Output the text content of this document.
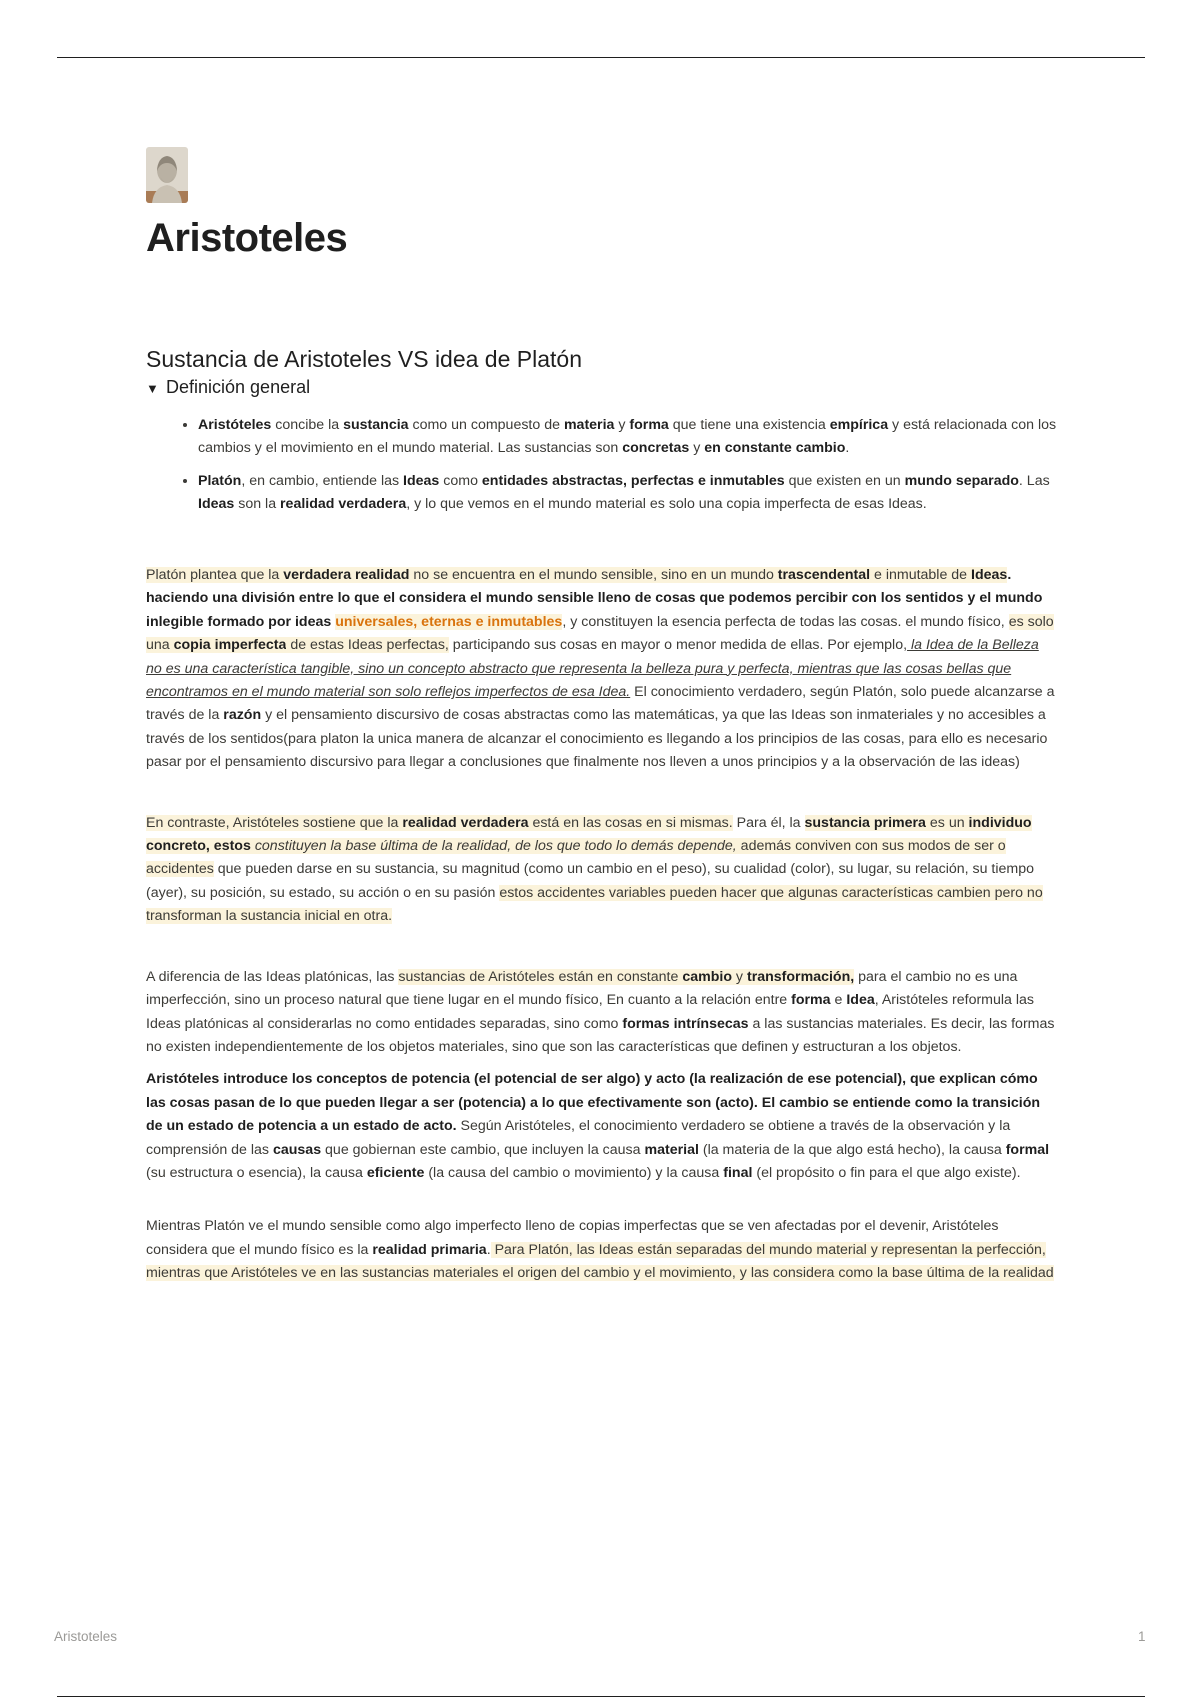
Aristoteles
Sustancia de Aristoteles VS idea de Platón
▼ Definición general
• Aristóteles concibe la sustancia como un compuesto de materia y forma que tiene una existencia empírica y está relacionada con los cambios y el movimiento en el mundo material. Las sustancias son concretas y en constante cambio.
• Platón, en cambio, entiende las Ideas como entidades abstractas, perfectas e inmutables que existen en un mundo separado. Las Ideas son la realidad verdadera, y lo que vemos en el mundo material es solo una copia imperfecta de esas Ideas.

Platón plantea que la verdadera realidad no se encuentra en el mundo sensible, sino en un mundo trascendental e inmutable de Ideas. haciendo una división entre lo que el considera el mundo sensible lleno de cosas que podemos percibir con los sentidos y el mundo inlegible formado por ideas universales, eternas e inmutables, y constituyen la esencia perfecta de todas las cosas. el mundo físico, es solo una copia imperfecta de estas Ideas perfectas, participando sus cosas en mayor o menor medida de ellas. Por ejemplo, la Idea de la Belleza no es una característica tangible, sino un concepto abstracto que representa la belleza pura y perfecta, mientras que las cosas bellas que encontramos en el mundo material son solo reflejos imperfectos de esa Idea. El conocimiento verdadero, según Platón, solo puede alcanzarse a través de la razón y el pensamiento discursivo de cosas abstractas como las matemáticas, ya que las Ideas son inmateriales y no accesibles a través de los sentidos(para platon la unica manera de alcanzar el conocimiento es llegando a los principios de las cosas, para ello es necesario pasar por el pensamiento discursivo para llegar a conclusiones que finalmente nos lleven a unos principios y a la observación de las ideas)

En contraste, Aristóteles sostiene que la realidad verdadera está en las cosas en si mismas. Para él, la sustancia primera es un individuo concreto, estos constituyen la base última de la realidad, de los que todo lo demás depende, además conviven con sus modos de ser o accidentes que pueden darse en su sustancia, su magnitud (como un cambio en el peso), su cualidad (color), su lugar, su relación, su tiempo (ayer), su posición, su estado, su acción o en su pasión estos accidentes variables pueden hacer que algunas características cambien pero no transforman la sustancia inicial en otra.

A diferencia de las Ideas platónicas, las sustancias de Aristóteles están en constante cambio y transformación, para el cambio no es una imperfección, sino un proceso natural que tiene lugar en el mundo físico, En cuanto a la relación entre forma e Idea, Aristóteles reformula las Ideas platónicas al considerarlas no como entidades separadas, sino como formas intrínsecas a las sustancias materiales. Es decir, las formas no existen independientemente de los objetos materiales, sino que son las características que definen y estructuran a los objetos.

Aristóteles introduce los conceptos de potencia (el potencial de ser algo) y acto (la realización de ese potencial), que explican cómo las cosas pasan de lo que pueden llegar a ser (potencia) a lo que efectivamente son (acto). El cambio se entiende como la transición de un estado de potencia a un estado de acto. Según Aristóteles, el conocimiento verdadero se obtiene a través de la observación y la comprensión de las causas que gobiernan este cambio, que incluyen la causa material (la materia de la que algo está hecho), la causa formal (su estructura o esencia), la causa eficiente (la causa del cambio o movimiento) y la causa final (el propósito o fin para el que algo existe).

Mientras Platón ve el mundo sensible como algo imperfecto lleno de copias imperfectas que se ven afectadas por el devenir, Aristóteles considera que el mundo físico es la realidad primaria. Para Platón, las Ideas están separadas del mundo material y representan la perfección, mientras que Aristóteles ve en las sustancias materiales el origen del cambio y el movimiento, y las considera como la base última de la realidad

Aristoteles	1
